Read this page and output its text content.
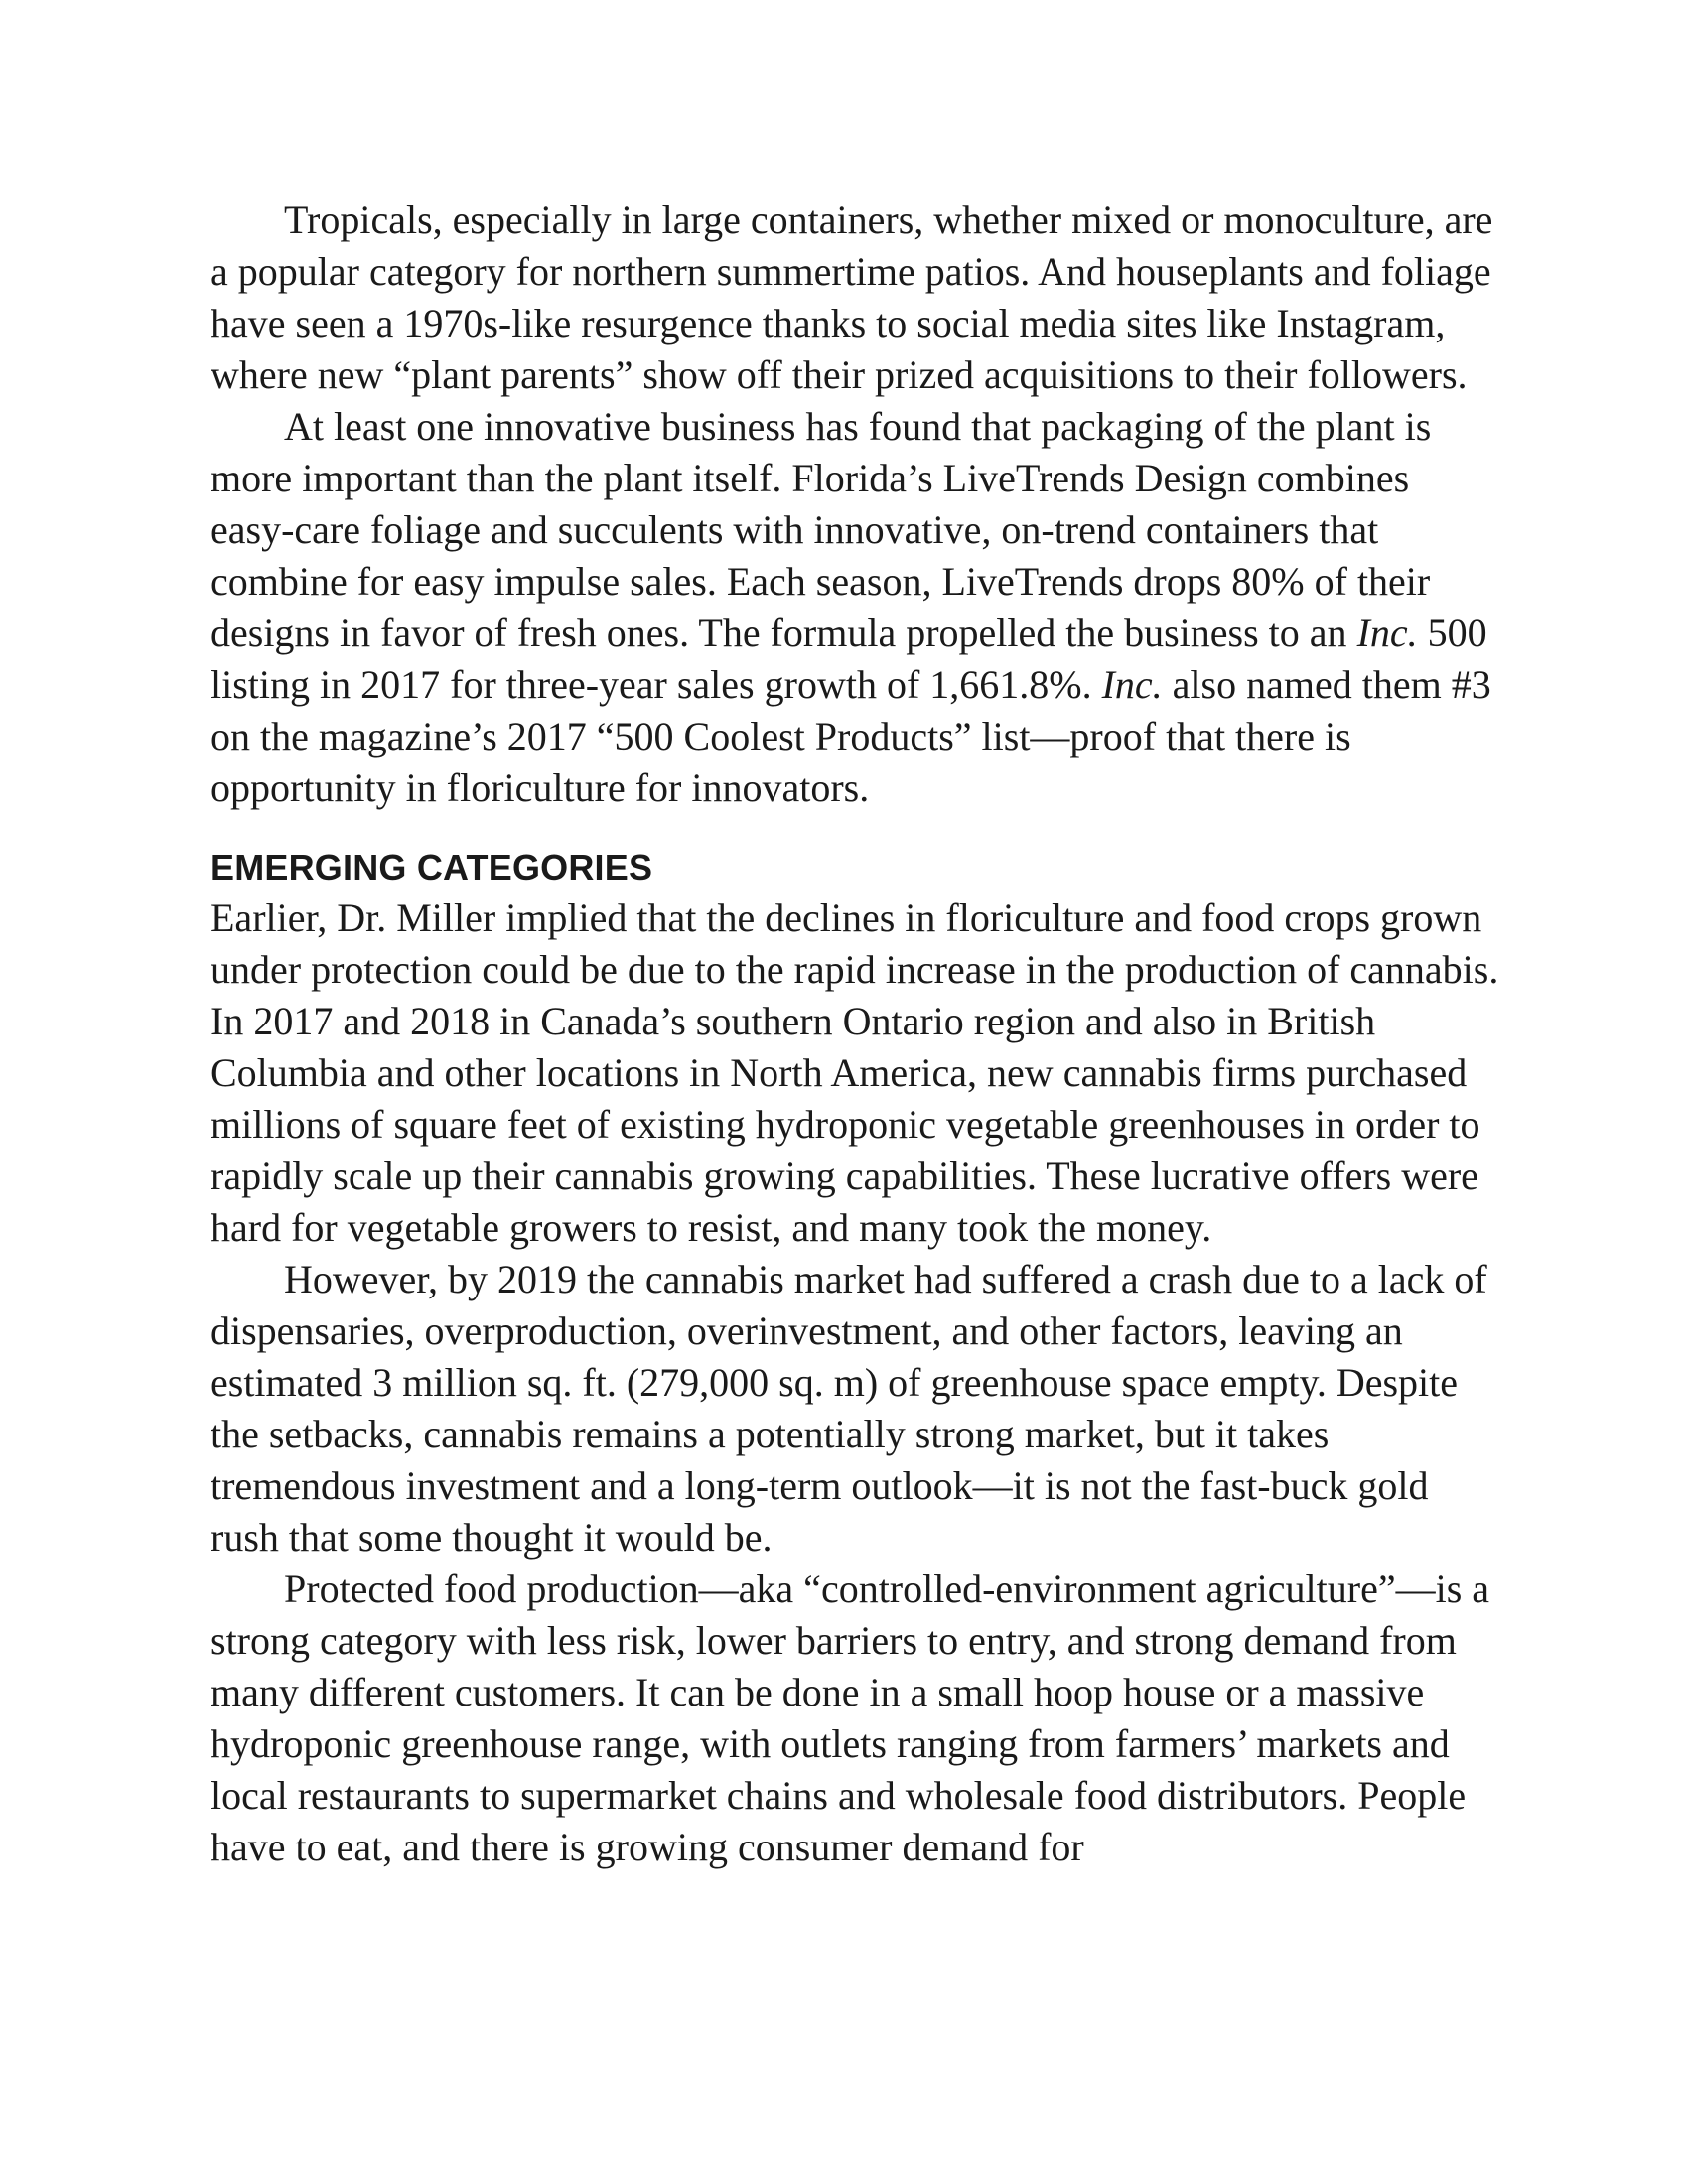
Tropicals, especially in large containers, whether mixed or monoculture, are a popular category for northern summertime patios. And houseplants and foliage have seen a 1970s-like resurgence thanks to social media sites like Instagram, where new “plant parents” show off their prized acquisitions to their followers.

At least one innovative business has found that packaging of the plant is more important than the plant itself. Florida’s LiveTrends Design combines easy-care foliage and succulents with innovative, on-trend containers that combine for easy impulse sales. Each season, LiveTrends drops 80% of their designs in favor of fresh ones. The formula propelled the business to an Inc. 500 listing in 2017 for three-year sales growth of 1,661.8%. Inc. also named them #3 on the magazine’s 2017 “500 Coolest Products” list—proof that there is opportunity in floriculture for innovators.

EMERGING CATEGORIES

Earlier, Dr. Miller implied that the declines in floriculture and food crops grown under protection could be due to the rapid increase in the production of cannabis. In 2017 and 2018 in Canada’s southern Ontario region and also in British Columbia and other locations in North America, new cannabis firms purchased millions of square feet of existing hydroponic vegetable greenhouses in order to rapidly scale up their cannabis growing capabilities. These lucrative offers were hard for vegetable growers to resist, and many took the money.

However, by 2019 the cannabis market had suffered a crash due to a lack of dispensaries, overproduction, overinvestment, and other factors, leaving an estimated 3 million sq. ft. (279,000 sq. m) of greenhouse space empty. Despite the setbacks, cannabis remains a potentially strong market, but it takes tremendous investment and a long-term outlook—it is not the fast-buck gold rush that some thought it would be.

Protected food production—aka “controlled-environment agriculture”—is a strong category with less risk, lower barriers to entry, and strong demand from many different customers. It can be done in a small hoop house or a massive hydroponic greenhouse range, with outlets ranging from farmers’ markets and local restaurants to supermarket chains and wholesale food distributors. People have to eat, and there is growing consumer demand for
